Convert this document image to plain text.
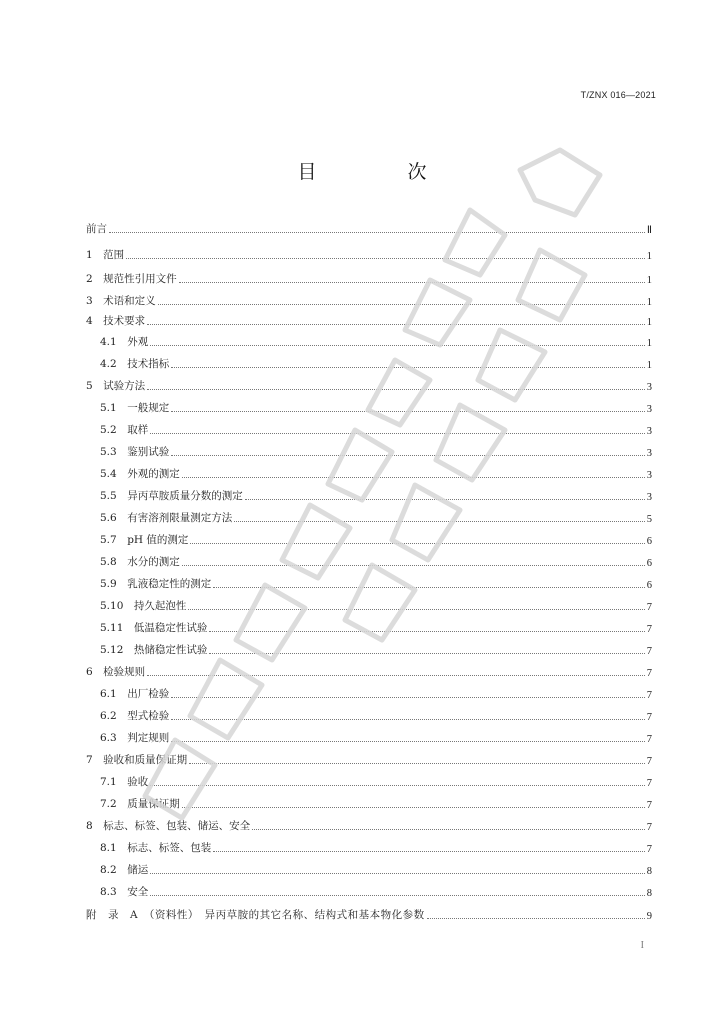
T/ZNX 016—2021
目　次
前言	Ⅱ
1　范围	1
2　规范性引用文件	1
3　术语和定义	1
4　技术要求	1
4.1　外观	1
4.2　技术指标	1
5　试验方法	3
5.1　一般规定	3
5.2　取样	3
5.3　鉴别试验	3
5.4　外观的测定	3
5.5　异丙草胺质量分数的测定	3
5.6　有害溶剂限量测定方法	5
5.7　pH 值的测定	6
5.8　水分的测定	6
5.9　乳液稳定性的测定	6
5.10　持久起泡性	7
5.11　低温稳定性试验	7
5.12　热储稳定性试验	7
6　检验规则	7
6.1　出厂检验	7
6.2　型式检验	7
6.3　判定规则	7
7　验收和质量保证期	7
7.1　验收	7
7.2　质量保证期	7
8　标志、标签、包装、储运、安全	7
8.1　标志、标签、包装	7
8.2　储运	8
8.3　安全	8
附　录　A　（资料性）　异丙草胺的其它名称、结构式和基本物化参数	9
I
